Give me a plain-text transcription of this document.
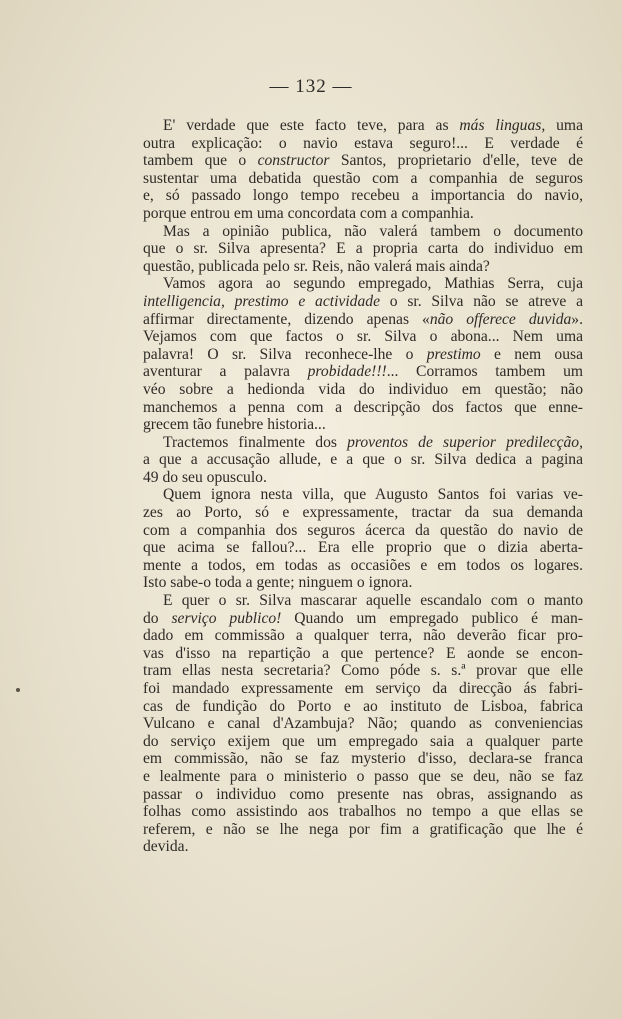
— 132 —
E' verdade que este facto teve, para as más linguas, uma
outra explicação: o navio estava seguro!... E verdade é
tambem que o constructor Santos, proprietario d'elle, teve de
sustentar uma debatida questão com a companhia de seguros
e, só passado longo tempo recebeu a importancia do navio,
porque entrou em uma concordata com a companhia.
Mas a opinião publica, não valerá tambem o documento
que o sr. Silva apresenta? E a propria carta do individuo em
questão, publicada pelo sr. Reis, não valerá mais ainda?
Vamos agora ao segundo empregado, Mathias Serra, cuja
intelligencia, prestimo e actividade o sr. Silva não se atreve a
affirmar directamente, dizendo apenas «não offerece duvida».
Vejamos com que factos o sr. Silva o abona... Nem uma
palavra! O sr. Silva reconhece-lhe o prestimo e nem ousa
aventurar a palavra probidade!!!... Corramos tambem um
véo sobre a hedionda vida do individuo em questão; não
manchemos a penna com a descripção dos factos que enne-
grecem tão funebre historia...
Tractemos finalmente dos proventos de superior predilecção,
a que a accusação allude, e a que o sr. Silva dedica a pagina
49 do seu opusculo.
Quem ignora nesta villa, que Augusto Santos foi varias ve-
zes ao Porto, só e expressamente, tractar da sua demanda
com a companhia dos seguros ácerca da questão do navio de
que acima se fallou?... Era elle proprio que o dizia aberta-
mente a todos, em todas as occasiões e em todos os logares.
Isto sabe-o toda a gente; ninguem o ignora.
E quer o sr. Silva mascarar aquelle escandalo com o manto
do serviço publico! Quando um empregado publico é man-
dado em commissão a qualquer terra, não deverão ficar pro-
vas d'isso na repartição a que pertence? E aonde se encon-
tram ellas nesta secretaria? Como póde s. s.ª provar que elle
foi mandado expressamente em serviço da direcção ás fabri-
cas de fundição do Porto e ao instituto de Lisboa, fabrica
Vulcano e canal d'Azambuja? Não; quando as conveniencias
do serviço exijem que um empregado saia a qualquer parte
em commissão, não se faz mysterio d'isso, declara-se franca
e lealmente para o ministerio o passo que se deu, não se faz
passar o individuo como presente nas obras, assignando as
folhas como assistindo aos trabalhos no tempo a que ellas se
referem, e não se lhe nega por fim a gratificação que lhe é
devida.
